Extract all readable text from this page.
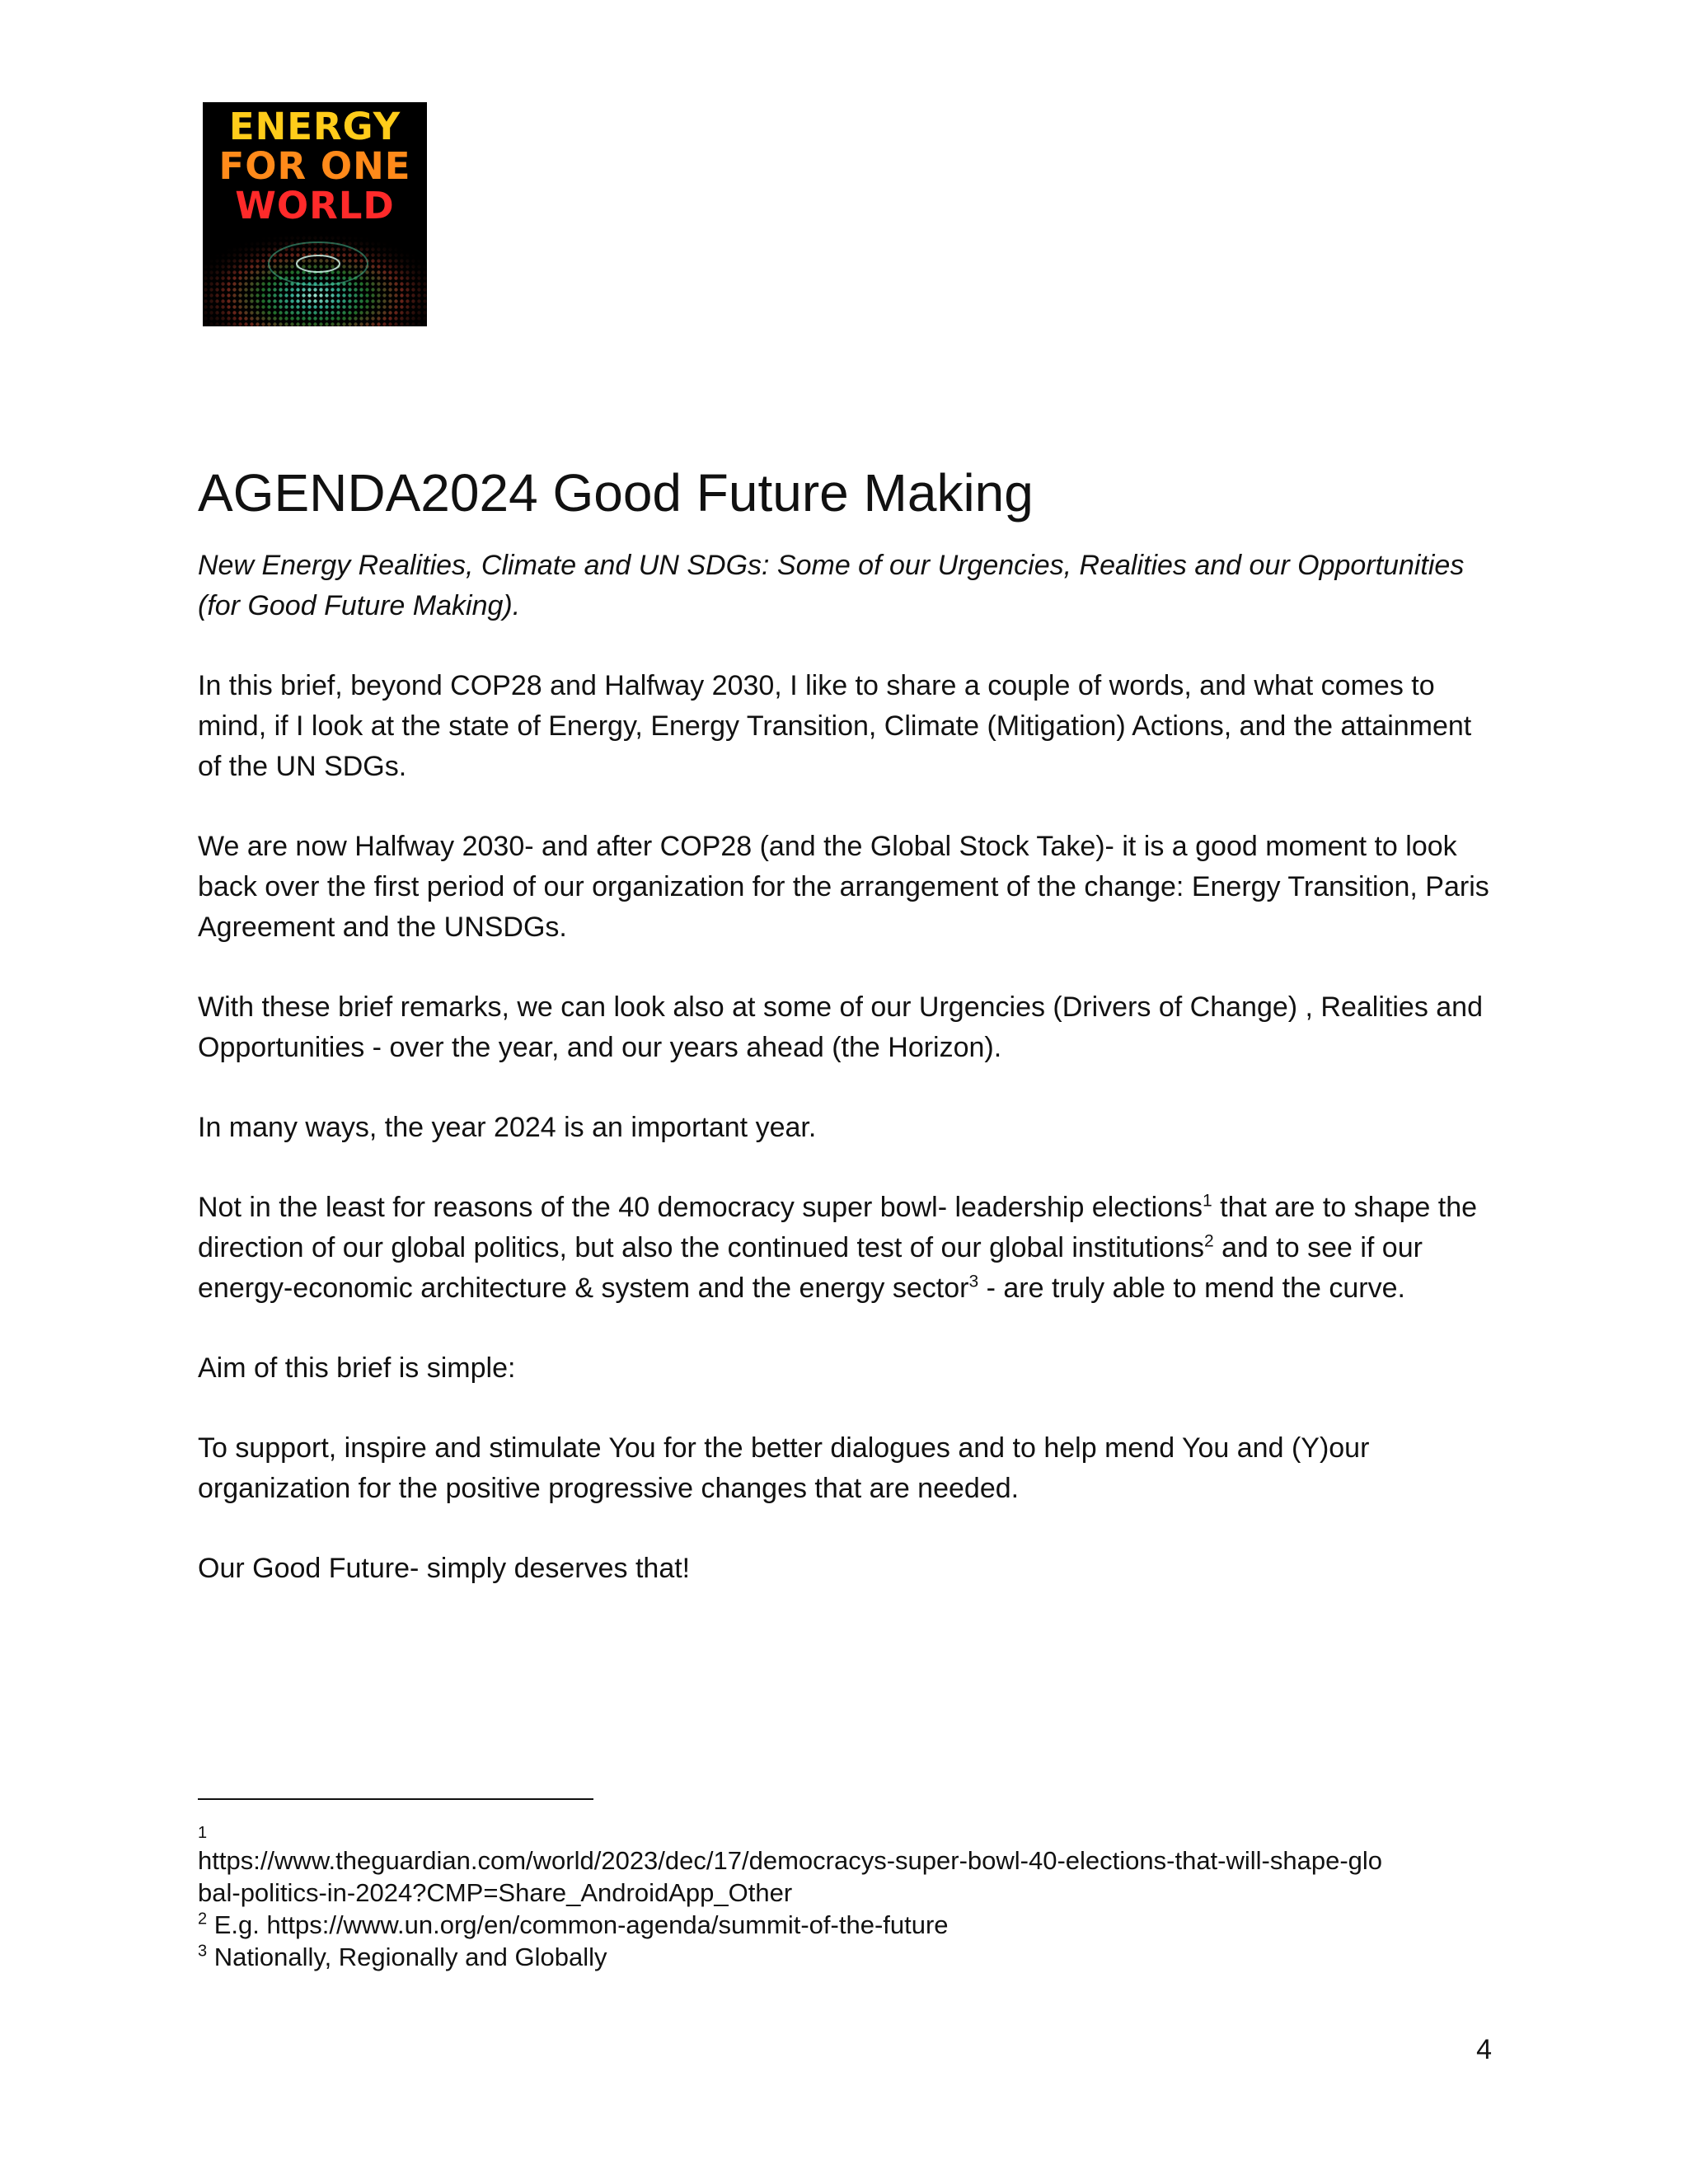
ENERGY
FOR ONE
WORLD
AGENDA2024 Good Future Making

New Energy Realities, Climate and UN SDGs: Some of our Urgencies, Realities and our Opportunities (for Good Future Making).

In this brief, beyond COP28 and Halfway 2030, I like to share a couple of words, and what comes to mind, if I look at the state of Energy, Energy Transition, Climate (Mitigation) Actions, and the attainment of the UN SDGs.

We are now Halfway 2030- and after COP28 (and the Global Stock Take)- it is a good moment to look back over the first period of our organization for the arrangement of the change: Energy Transition, Paris Agreement and the UNSDGs.

With these brief remarks, we can look also at some of our Urgencies (Drivers of Change) , Realities and Opportunities - over the year, and our years ahead (the Horizon).

In many ways, the year 2024 is an important year.

Not in the least for reasons of the 40 democracy super bowl- leadership elections$^1$ that are to shape the direction of our global politics, but also the continued test of our global institutions$^2$ and to see if our energy-economic architecture & system and the energy sector$^3$ - are truly able to mend the curve.

Aim of this brief is simple:

To support, inspire and stimulate You for the better dialogues and to help mend You and (Y)our organization for the positive progressive changes that are needed.

Our Good Future- simply deserves that!

1
https://www.theguardian.com/world/2023/dec/17/democracys-super-bowl-40-elections-that-will-shape-glo
bal-politics-in-2024?CMP=Share_AndroidApp_Other
$^2$ E.g. https://www.un.org/en/common-agenda/summit-of-the-future
$^3$ Nationally, Regionally and Globally
4
